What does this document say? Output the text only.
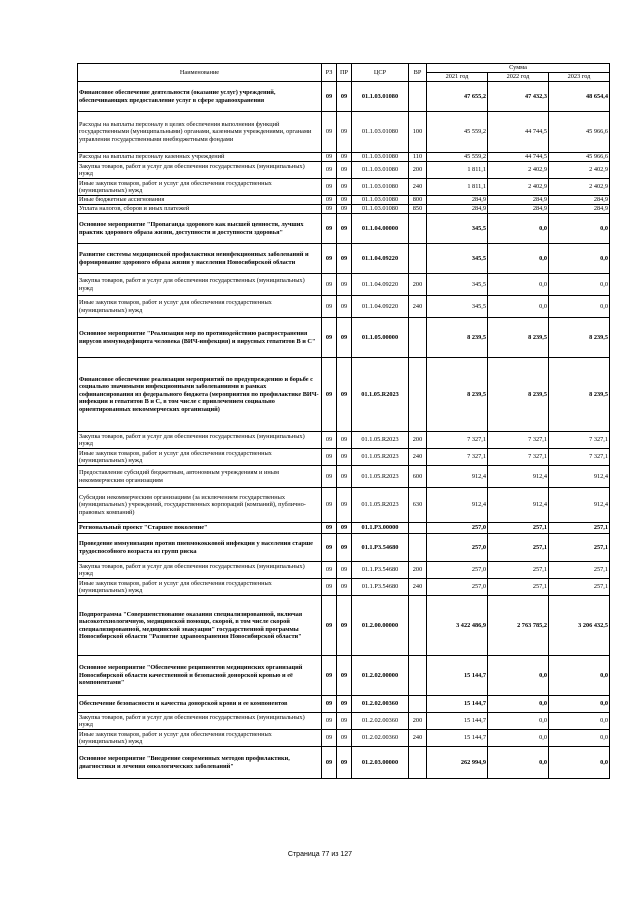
Наименование	РЗ	ПР	ЦСР	ВР	Сумма		
					2021 год	2022 год	2023 год
Финансовое обеспечение деятельности (оказание услуг) учреждений, обеспечивающих предоставление услуг в сфере здравоохранения	09	09	01.1.03.01080		47 655,2	47 432,3	48 654,4
Расходы на выплаты персоналу в целях обеспечения выполнения функций государственными (муниципальными) органами, казенными учреждениями, органами управления государственными внебюджетными фондами	09	09	01.1.03.01080	100	45 559,2	44 744,5	45 966,6
Расходы на выплаты персоналу казенных учреждений	09	09	01.1.03.01080	110	45 559,2	44 744,5	45 966,6
Закупка товаров, работ и услуг для обеспечения государственных (муниципальных) нужд	09	09	01.1.03.01080	200	1 811,1	2 402,9	2 402,9
Иные закупки товаров, работ и услуг для обеспечения государственных (муниципальных) нужд	09	09	01.1.03.01080	240	1 811,1	2 402,9	2 402,9
Иные бюджетные ассигнования	09	09	01.1.03.01080	800	284,9	284,9	284,9
Уплата налогов, сборов и иных платежей	09	09	01.1.03.01080	850	284,9	284,9	284,9
Основное мероприятие "Пропаганда здорового как высшей ценности, лучших практик здорового образа жизни, доступности и доступности здоровья"	09	09	01.1.04.00000		345,5	0,0	0,0
Развитие системы медицинской профилактики неинфекционных заболеваний и формирование здорового образа жизни у населения Новосибирской области	09	09	01.1.04.09220		345,5	0,0	0,0
Закупка товаров, работ и услуг для обеспечения государственных (муниципальных) нужд	09	09	01.1.04.09220	200	345,5	0,0	0,0
Иные закупки товаров, работ и услуг для обеспечения государственных (муниципальных) нужд	09	09	01.1.04.09220	240	345,5	0,0	0,0
Основное мероприятие "Реализация мер по противодействию распространения вирусов иммунодефицита человека (ВИЧ-инфекция) и вирусных гепатитов В и С"	09	09	01.1.05.00000		8 239,5	8 239,5	8 239,5
Финансовое обеспечение реализации мероприятий по предупреждению и борьбе с социально значимыми инфекционными заболеваниями в рамках софинансирования из федерального бюджета (мероприятия по профилактике ВИЧ-инфекции и гепатитов В и С, в том числе с привлечением социально ориентированных некоммерческих организаций)	09	09	01.1.05.R2023		8 239,5	8 239,5	8 239,5
Закупка товаров, работ и услуг для обеспечения государственных (муниципальных) нужд	09	09	01.1.05.R2023	200	7 327,1	7 327,1	7 327,1
Иные закупки товаров, работ и услуг для обеспечения государственных (муниципальных) нужд	09	09	01.1.05.R2023	240	7 327,1	7 327,1	7 327,1
Предоставление субсидий бюджетным, автономным учреждениям и иным некоммерческим организациям	09	09	01.1.05.R2023	600	912,4	912,4	912,4
Субсидии некоммерческим организациям (за исключением государственных (муниципальных) учреждений, государственных корпораций (компаний), публично-правовых компаний)	09	09	01.1.05.R2023	630	912,4	912,4	912,4
Региональный проект "Старшее поколение"	09	09	01.1.P3.00000		257,0	257,1	257,1
Проведение иммунизации против пневмококковой инфекции у населения старше трудоспособного возраста из групп риска	09	09	01.1.P3.54680		257,0	257,1	257,1
Закупка товаров, работ и услуг для обеспечения государственных (муниципальных) нужд	09	09	01.1.P3.54680	200	257,0	257,1	257,1
Иные закупки товаров, работ и услуг для обеспечения государственных (муниципальных) нужд	09	09	01.1.P3.54680	240	257,0	257,1	257,1
Подпрограмма "Совершенствование оказания специализированной, включая высокотехнологичную, медицинской помощи, скорой, в том числе скорой специализированной, медицинской эвакуации" государственной программы Новосибирской области "Развитие здравоохранения Новосибирской области"	09	09	01.2.00.00000		3 422 486,9	2 763 785,2	3 206 432,5
Основное мероприятие "Обеспечение реципиентов медицинских организаций Новосибирской области качественной и безопасной донорской кровью и её компонентами"	09	09	01.2.02.00000		15 144,7	0,0	0,0
Обеспечение безопасности и качества донорской крови и ее компонентов	09	09	01.2.02.00360		15 144,7	0,0	0,0
Закупка товаров, работ и услуг для обеспечения государственных (муниципальных) нужд	09	09	01.2.02.00360	200	15 144,7	0,0	0,0
Иные закупки товаров, работ и услуг для обеспечения государственных (муниципальных) нужд	09	09	01.2.02.00360	240	15 144,7	0,0	0,0
Основное мероприятие "Внедрение современных методов профилактики, диагностики и лечения онкологических заболеваний"	09	09	01.2.03.00000		262 994,9	0,0	0,0
Страница 77 из 127
